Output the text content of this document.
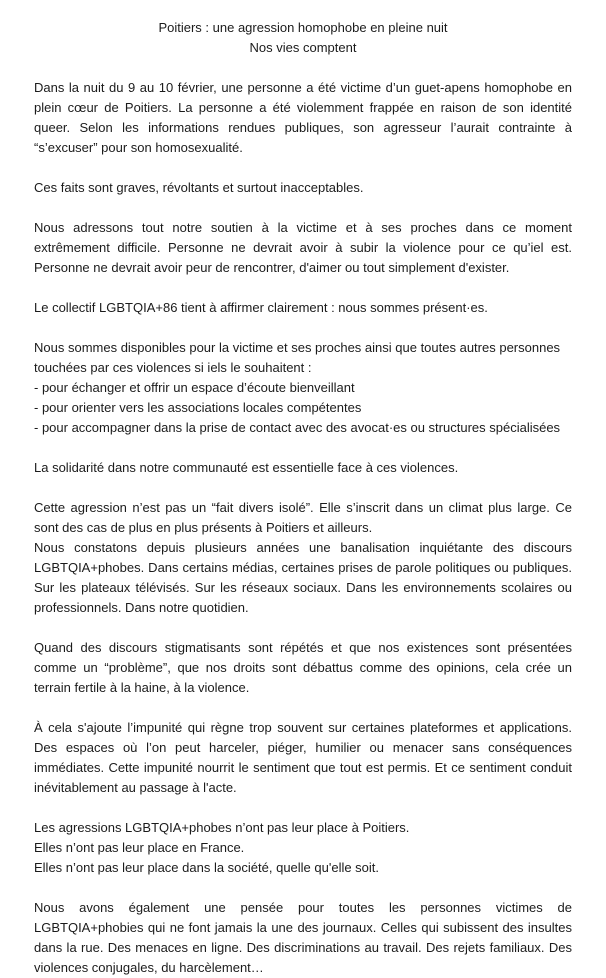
Poitiers : une agression homophobe en pleine nuit
Nos vies comptent

Dans la nuit du 9 au 10 février, une personne a été victime d’un guet-apens homophobe en plein cœur de Poitiers. La personne a été violemment frappée en raison de son identité queer. Selon les informations rendues publiques, son agresseur l’aurait contrainte à “s’excuser” pour son homosexualité.

Ces faits sont graves, révoltants et surtout inacceptables.

Nous adressons tout notre soutien à la victime et à ses proches dans ce moment extrêmement difficile. Personne ne devrait avoir à subir la violence pour ce qu’iel est. Personne ne devrait avoir peur de rencontrer, d'aimer ou tout simplement d'exister.

Le collectif LGBTQIA+86 tient à affirmer clairement : nous sommes présent·es.

Nous sommes disponibles pour la victime et ses proches ainsi que toutes autres personnes touchées par ces violences si iels le souhaitent :

- pour échanger et offrir un espace d’écoute bienveillant
- pour orienter vers les associations locales compétentes
- pour accompagner dans la prise de contact avec des avocat·es ou structures spécialisées

La solidarité dans notre communauté est essentielle face à ces violences.

Cette agression n’est pas un “fait divers isolé”. Elle s’inscrit dans un climat plus large. Ce sont des cas de plus en plus présents à Poitiers et ailleurs.

Nous constatons depuis plusieurs années une banalisation inquiétante des discours LGBTQIA+phobes. Dans certains médias, certaines prises de parole politiques ou publiques. Sur les plateaux télévisés. Sur les réseaux sociaux. Dans les environnements scolaires ou professionnels. Dans notre quotidien.

Quand des discours stigmatisants sont répétés et que nos existences sont présentées comme un “problème”, que nos droits sont débattus comme des opinions, cela crée un terrain fertile à la haine, à la violence.

À cela s'ajoute l’impunité qui règne trop souvent sur certaines plateformes et applications. Des espaces où l’on peut harceler, piéger, humilier ou menacer sans conséquences immédiates. Cette impunité nourrit le sentiment que tout est permis. Et ce sentiment conduit inévitablement au passage à l'acte.

Les agressions LGBTQIA+phobes n’ont pas leur place à Poitiers.
Elles n’ont pas leur place en France.
Elles n’ont pas leur place dans la société, quelle qu'elle soit.

Nous avons également une pensée pour toutes les personnes victimes de LGBTQIA+phobies qui ne font jamais la une des journaux. Celles qui subissent des insultes dans la rue. Des menaces en ligne. Des discriminations au travail. Des rejets familiaux. Des violences conjugales, du harcèlement…
